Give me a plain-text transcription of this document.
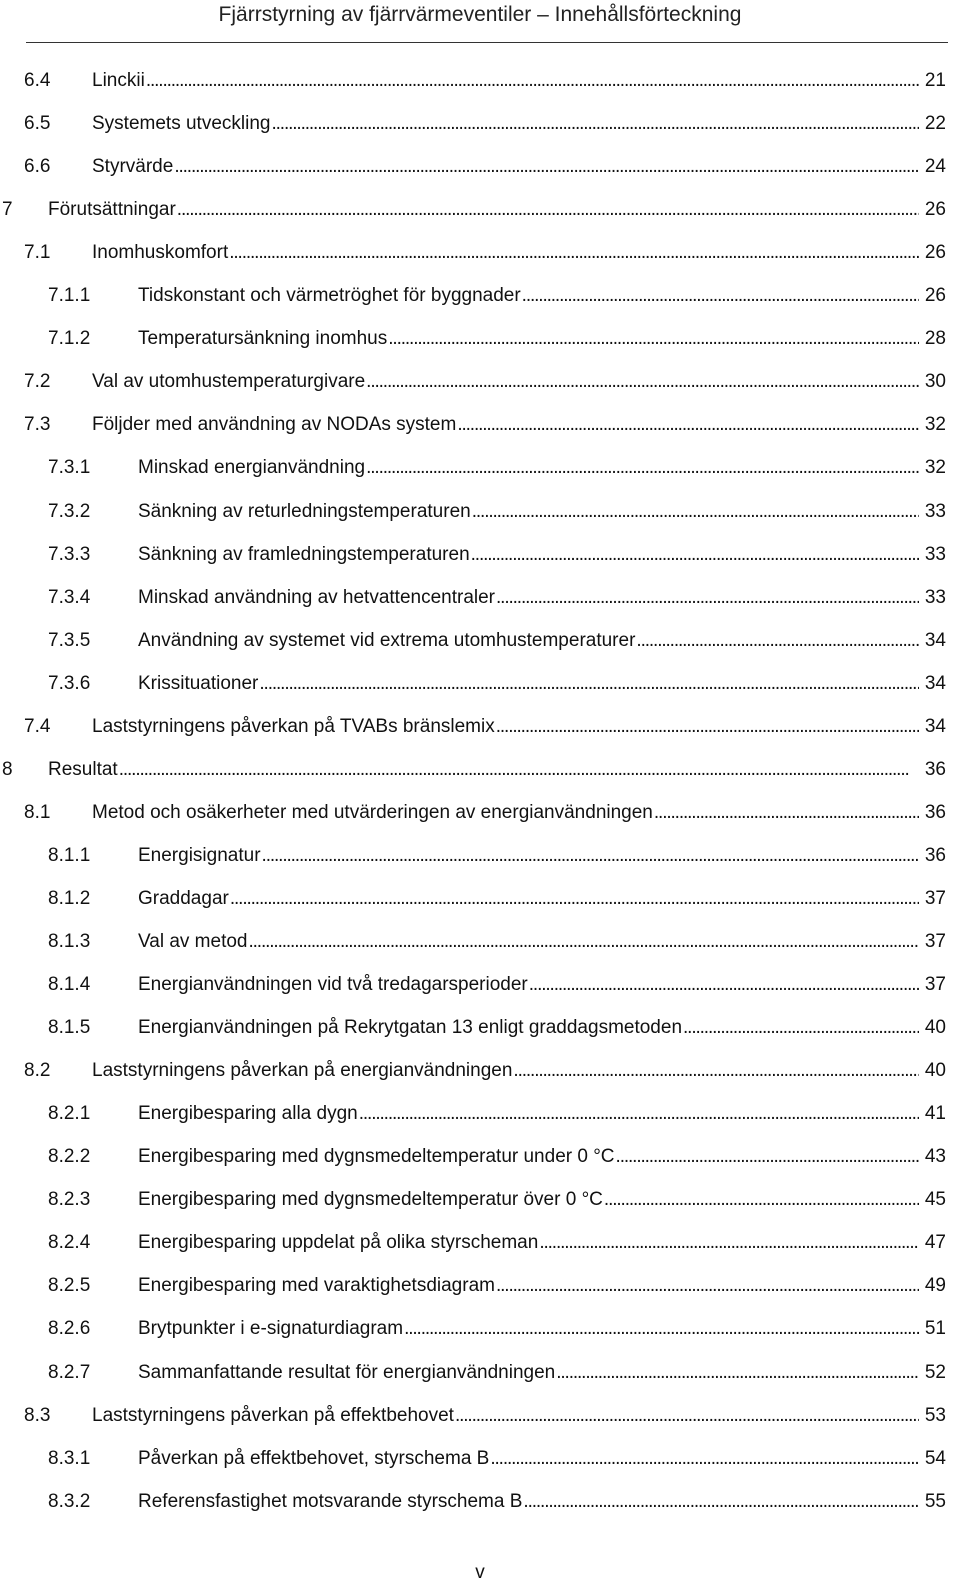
Fjärrstyrning av fjärrvärmeventiler – Innehållsförteckning
6.4 Linckii . . .	21
6.5 Systemets utveckling . . .	22
6.6 Styrvärde . . .	24
7 Förutsättningar . . .	26
7.1 Inomhuskomfort . . .	26
7.1.1	Tidskonstant och värmetröghet för byggnader . . .	26
7.1.2	Temperatursänkning inomhus . . .	28
7.2 Val av utomhustemperaturgivare . . .	30
7.3 Följder med användning av NODAs system . . .	32
7.3.1	Minskad energianvändning . . .	32
7.3.2	Sänkning av returledningstemperaturen . . .	33
7.3.3	Sänkning av framledningstemperaturen . . .	33
7.3.4	Minskad användning av hetvattencentraler . . .	33
7.3.5	Användning av systemet vid extrema utomhustemperaturer . . .	34
7.3.6	Krissituationer . . .	34
7.4 Laststyrningens påverkan på TVABs bränslemix . . .	34
8 Resultat . . .	36
8.1 Metod och osäkerheter med utvärderingen av energianvändningen . . .	36
8.1.1	Energisignatur . . .	36
8.1.2	Graddagar . . .	37
8.1.3	Val av metod . . .	37
8.1.4	Energianvändningen vid två tredagarsperioder . . .	37
8.1.5	Energianvändningen på Rekrytgatan 13 enligt graddagsmetoden . . .	40
8.2 Laststyrningens påverkan på energianvändningen . . .	40
8.2.1	Energibesparing alla dygn . . .	41
8.2.2	Energibesparing med dygnsmedeltemperatur under 0 °C . . .	43
8.2.3	Energibesparing med dygnsmedeltemperatur över 0 °C . . .	45
8.2.4	Energibesparing uppdelat på olika styrscheman . . .	47
8.2.5	Energibesparing med varaktighetsdiagram . . .	49
8.2.6	Brytpunkter i e-signaturdiagram . . .	51
8.2.7	Sammanfattande resultat för energianvändningen . . .	52
8.3 Laststyrningens påverkan på effektbehovet . . .	53
8.3.1	Påverkan på effektbehovet, styrschema B . . .	54
8.3.2	Referensfastighet motsvarande styrschema B . . .	55
v
